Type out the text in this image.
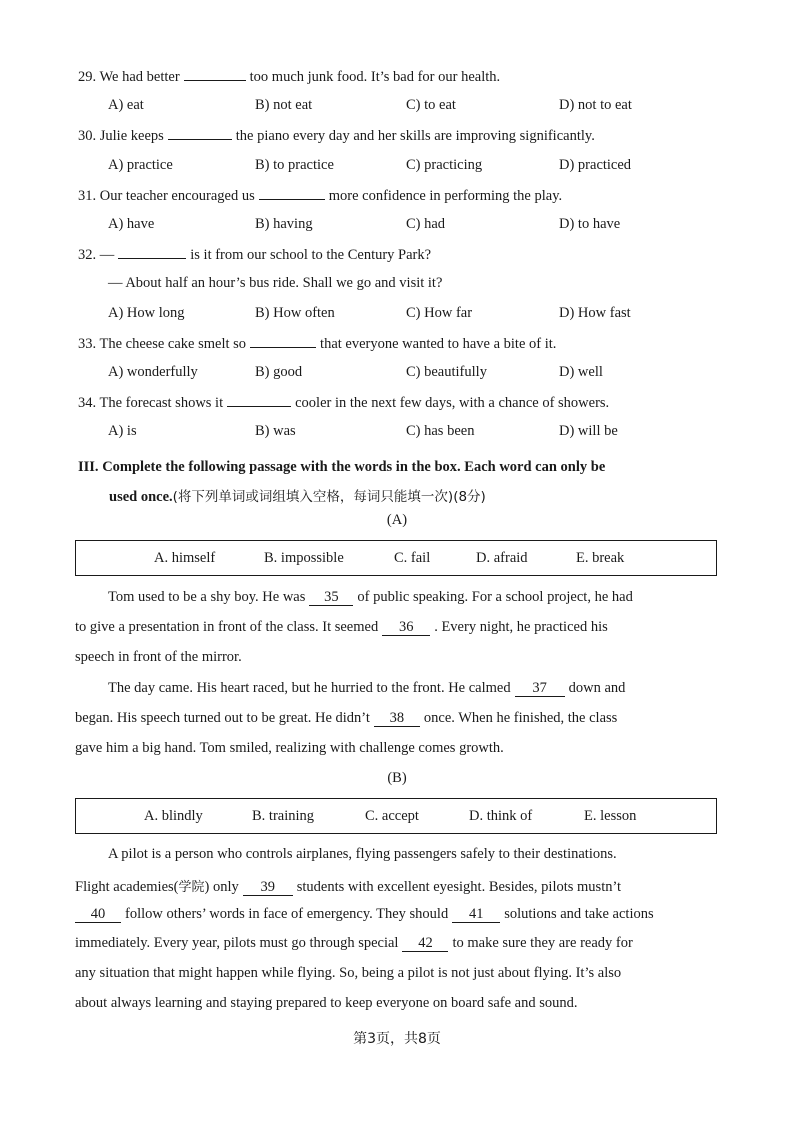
29. We had better	too much junk food. It’s bad for our health.
A) eat	B) not eat	C) to eat	D) not to eat
30. Julie keeps	the piano every day and her skills are improving significantly.
A) practice	B) to practice	C) practicing	D) practiced
31. Our teacher encouraged us	more confidence in performing the play.
A) have	B) having	C) had	D) to have
32. —	is it from our school to the Century Park?
— About half an hour’s bus ride. Shall we go and visit it?
A) How long	B) How often	C) How far	D) How fast
33. The cheese cake smelt so	that everyone wanted to have a bite of it.
A) wonderfully	B) good	C) beautifully	D) well
34. The forecast shows it	cooler in the next few days, with a chance of showers.
A) is	B) was	C) has been	D) will be
III. Complete the following passage with the words in the box. Each word can only be
used once.(将下列单词或词组填入空格，每词只能填一次)(8分)
(A)
A. himself	B. impossible	C. fail	D. afraid	E. break
Tom used to be a shy boy. He was 35 of public speaking. For a school project, he had
to give a presentation in front of the class. It seemed 36 . Every night, he practiced his
speech in front of the mirror.
The day came. His heart raced, but he hurried to the front. He calmed 37 down and
began. His speech turned out to be great. He didn’t 38 once. When he finished, the class
gave him a big hand. Tom smiled, realizing with challenge comes growth.
(B)
A. blindly	B. training	C. accept	D. think of	E. lesson
A pilot is a person who controls airplanes, flying passengers safely to their destinations.
Flight academies(学院) only 39 students with excellent eyesight. Besides, pilots mustn’t
40 follow others’ words in face of emergency. They should 41 solutions and take actions
immediately. Every year, pilots must go through special 42 to make sure they are ready for
any situation that might happen while flying. So, being a pilot is not just about flying. It’s also
about always learning and staying prepared to keep everyone on board safe and sound.
第3页，共8页
